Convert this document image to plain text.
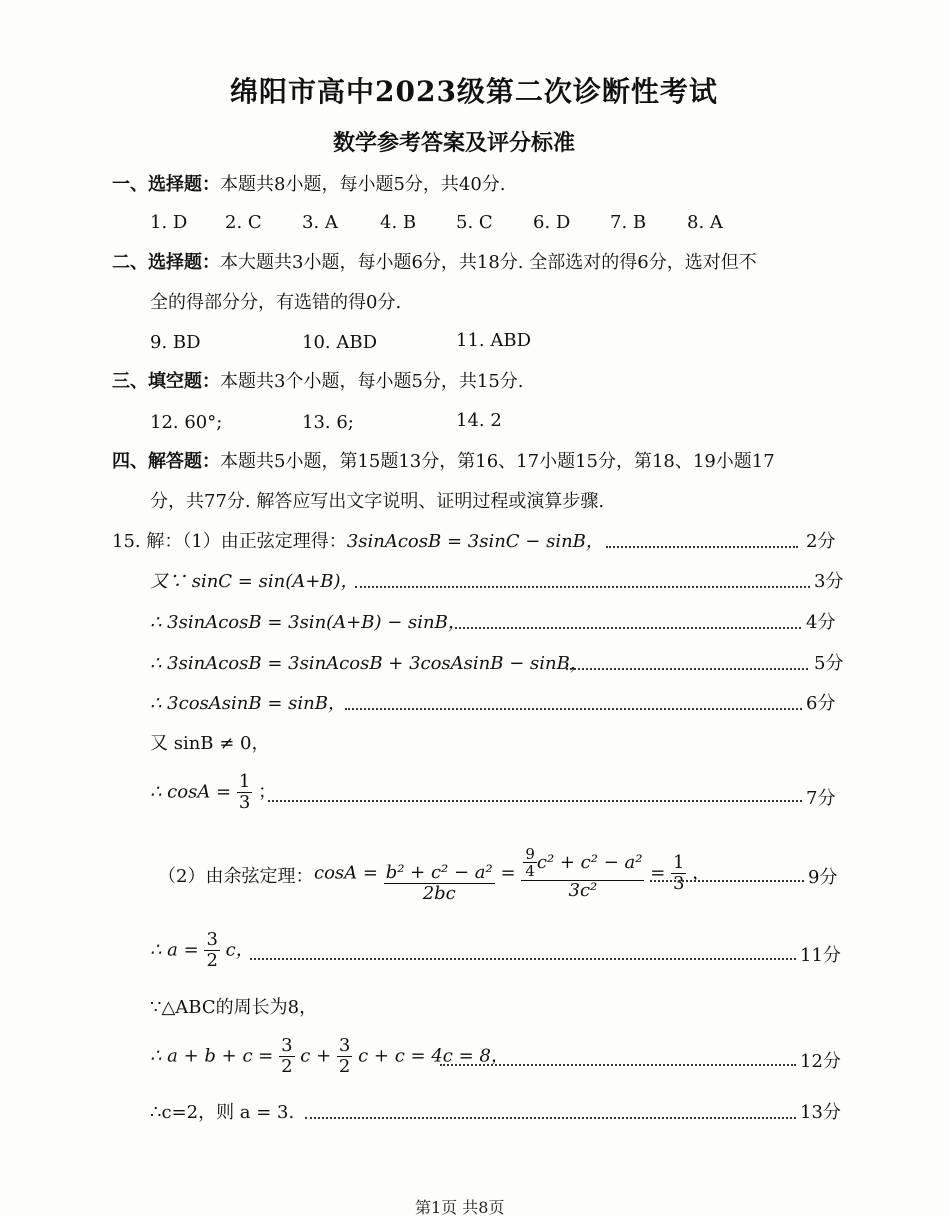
绵阳市高中2023级第二次诊断性考试
数学参考答案及评分标准
一、选择题：本题共8小题，每小题5分，共40分.
1. D 2. C 3. A 4. B 5. C 6. D 7. B 8. A
二、选择题：本大题共3小题，每小题6分，共18分. 全部选对的得6分，选对但不
全的得部分分，有选错的得0分.
9. BD	10. ABD	11. ABD
三、填空题：本题共3个小题，每小题5分，共15分.
12. 60°;	13. 6;	14. 2
四、解答题：本题共5小题，第15题13分，第16、17小题15分，第18、19小题17
分，共77分. 解答应写出文字说明、证明过程或演算步骤.
15. 解：（1）由正弦定理得：3sinAcosB = 3sinC − sinB，	2分
又∵ sinC = sin(A+B)，	3分
∴ 3sinAcosB = 3sin(A+B) − sinB，	4分
∴ 3sinAcosB = 3sinAcosB + 3cosAsinB − sinB，	5分
∴ 3cosAsinB = sinB，	6分
又 sinB ≠ 0，
∴ $\cos A = \frac{1}{3}$ ；	7分
（2）由余弦定理： $\cos A = \frac{\text{b² + c² − a²}}{2bc} = \frac{\frac{9}{4} c^2 + c^2 - a^2}{\text{3c²}} = \frac{1}{3}$ ，	9分
∴ $a = \frac{3}{2}$ c，	11分
∵△ABC的周长为8，
∴ $a + b + c = \frac{3}{2}$ $c + \frac{3}{2}$ c + c = 4c = 8，	12分
∴c=2，则 a = 3.	13分
第1页 共8页
